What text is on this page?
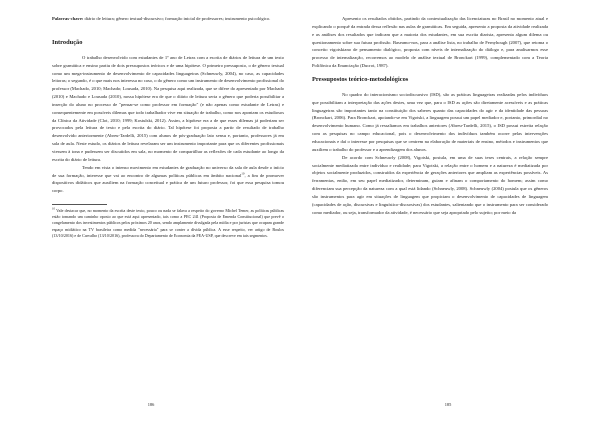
Palavras-chave: diário de leitura; gênero textual-discursivo; formação inicial de professores; instrumento psicológico.

Introdução

O trabalho desenvolvido com estudantes de 1º ano de Letras com a escrita de diários de leitura de um texto sobre gramática e ensino partiu de dois pressupostos teóricos e de uma hipótese. O primeiro pressuposto, o de gênero textual como um mega-instrumento de desenvolvimento de capacidades linguageiras (Schneuwly, 2004), no caso, as capacidades leitoras; o segundo, é o que mais nos interessa no caso, o do gênero como um instrumento de desenvolvimento profissional do professor (Machado, 2010; Machado; Lousada, 2010). Na pesquisa aqui realizada, que se difere do apresentado por Machado (2010) e Machado e Lousada (2010), nossa hipótese era de que o diário de leitura seria o gênero que poderia possibilitar a inserção do aluno no processo de "pensar-se como professor em formação" (e não apenas como estudante de Letras) e consequentemente em possíveis dilemas que todo trabalhador vive em situação de trabalho, como nos apontam os estudiosos da Clínica da Atividade (Clot, 2010; 1999; Kostulski, 2012). Assim, a hipótese era a de que esses dilemas já poderiam ser provocados pela leitura de texto e pela escrita do diário. Tal hipótese foi proposta a partir de resultado de trabalho desenvolvido anteriormente (Abreu-Tardelli, 2015) com alunos de pós-graduação lato sensu e, portanto, professores já em sala de aula. Neste estudo, os diários de leitura revelaram ser um instrumento importante para que os diferentes profissionais viessem à tona e pudessem ser discutidos em sala, no momento de compartilhar as reflexões de cada estudante ao longo da escrita do diário de leitura.

Tendo em vista o intenso movimento em estudantes de graduação no universo da sala de aula desde o início de sua formação, interesse que vai ao encontro de algumas políticas públicas em âmbito nacional$^{10}$, a fim de promover dispositivos didáticos que auxiliem na formação conceitual e prática de um futuro professor, foi que essa pesquisa tomou corpo.

$^{10}$ Vale destacar que, no momento da escrita deste texto, pouco ou nada se falava a respeito do governo Michel Temer, as políticas públicas estão tomando um caminho oposto ao que está aqui apresentado, tais como a PEC 241 (Proposta de Emenda Constitucional) que prevê o congelamento dos investimentos públicos pelos próximos 20 anos, sendo amplamente divulgada pela mídia e por juristas que ocupam grande espaço midiático na TV brasileira como medida "necessária" para se conter a dívida pública. A esse respeito, ver artigo de Boulos (13/10/2016) e de Carvalho (13/10/2016), professora do Departamento de Economia da FEA-USP, que descreve em tais segmentos.

186

Apresento os resultados obtidos, partindo da contextualização das licenciaturas no Brasil no momento atual e explicando o porquê da entrada dessa reflexão nas aulas de gramáticas. Em seguida, apresento a proposta da atividade realizada e as análises dos resultados que indicam que a maioria dos estudantes, em sua escrita diarista, apresenta algum dilema ou questionamento sobre sua futura profissão. Baseamo-nos, para a análise lista, no trabalho de Fernyhough (2007), que retoma o conceito vigotskiano de pensamento dialógico, proposta com níveis de internalização do diálogo e, para analisarmos esse processo de internalização, recorremos ao modelo de análise textual de Bronckart (1999), complementado com a Teoria Polifônica da Enunciação (Ducrot, 1987).

Pressupostos teórico-metodológicos

No quadro do interacionismo sociodiscursivo (ISD), são as práticas linguageiras realizadas pelos indivíduos que possibilitam a interpretação das ações destes, uma vez que, para o ISD as ações são diretamente acessíveis e as práticas linguageiras são importantes tanto na constituição dos saberes quanto das capacidades do agir e da identidade das pessoas (Bronckart, 2006). Para Bronckart, apoiando-se em Vigotski, a linguagem possui um papel mediador e, portanto, primordial no desenvolvimento humano. Como já ressaltamos em trabalhos anteriores (Abreu-Tardelli, 2015), o ISD possui estreita relação com as pesquisas no campo educacional, pois o desenvolvimento dos indivíduos também ocorre pelas intervenções educacionais e daí o interesse por pesquisas que se centrem na elaboração de materiais de ensino, métodos e instrumentos que auxiliem o trabalho do professor e a aprendizagem dos alunos.

De acordo com Schneuwly (2008), Vigotski, postula, em uma de suas teses centrais, a relação sempre socialmente mediatizada entre indivíduo e realidade; para Vigotski, a relação entre o homem e a natureza é mediatizada por objetos socialmente produzidos, construídos da experiência de gerações anteriores que ampliam as experiências possíveis. As ferramentas, então, em seu papel mediatizador, determinam, guiam e afinam o comportamento do homem; assim como diferenciam sua percepção da natureza com a qual está lidando (Schneuwly, 2008). Schneuwly (2004) postula que os gêneros são instrumentos para agir em situações de linguagem que propiciam o desenvolvimento de capacidades de linguagem (capacidades de ação, discursivas e linguístico-discursivas) dos estudantes, salientando que o instrumento para ser considerado como mediador, ou seja, transformador da atividade, é necessário que seja apropriado pelo sujeito; por meio da

185
